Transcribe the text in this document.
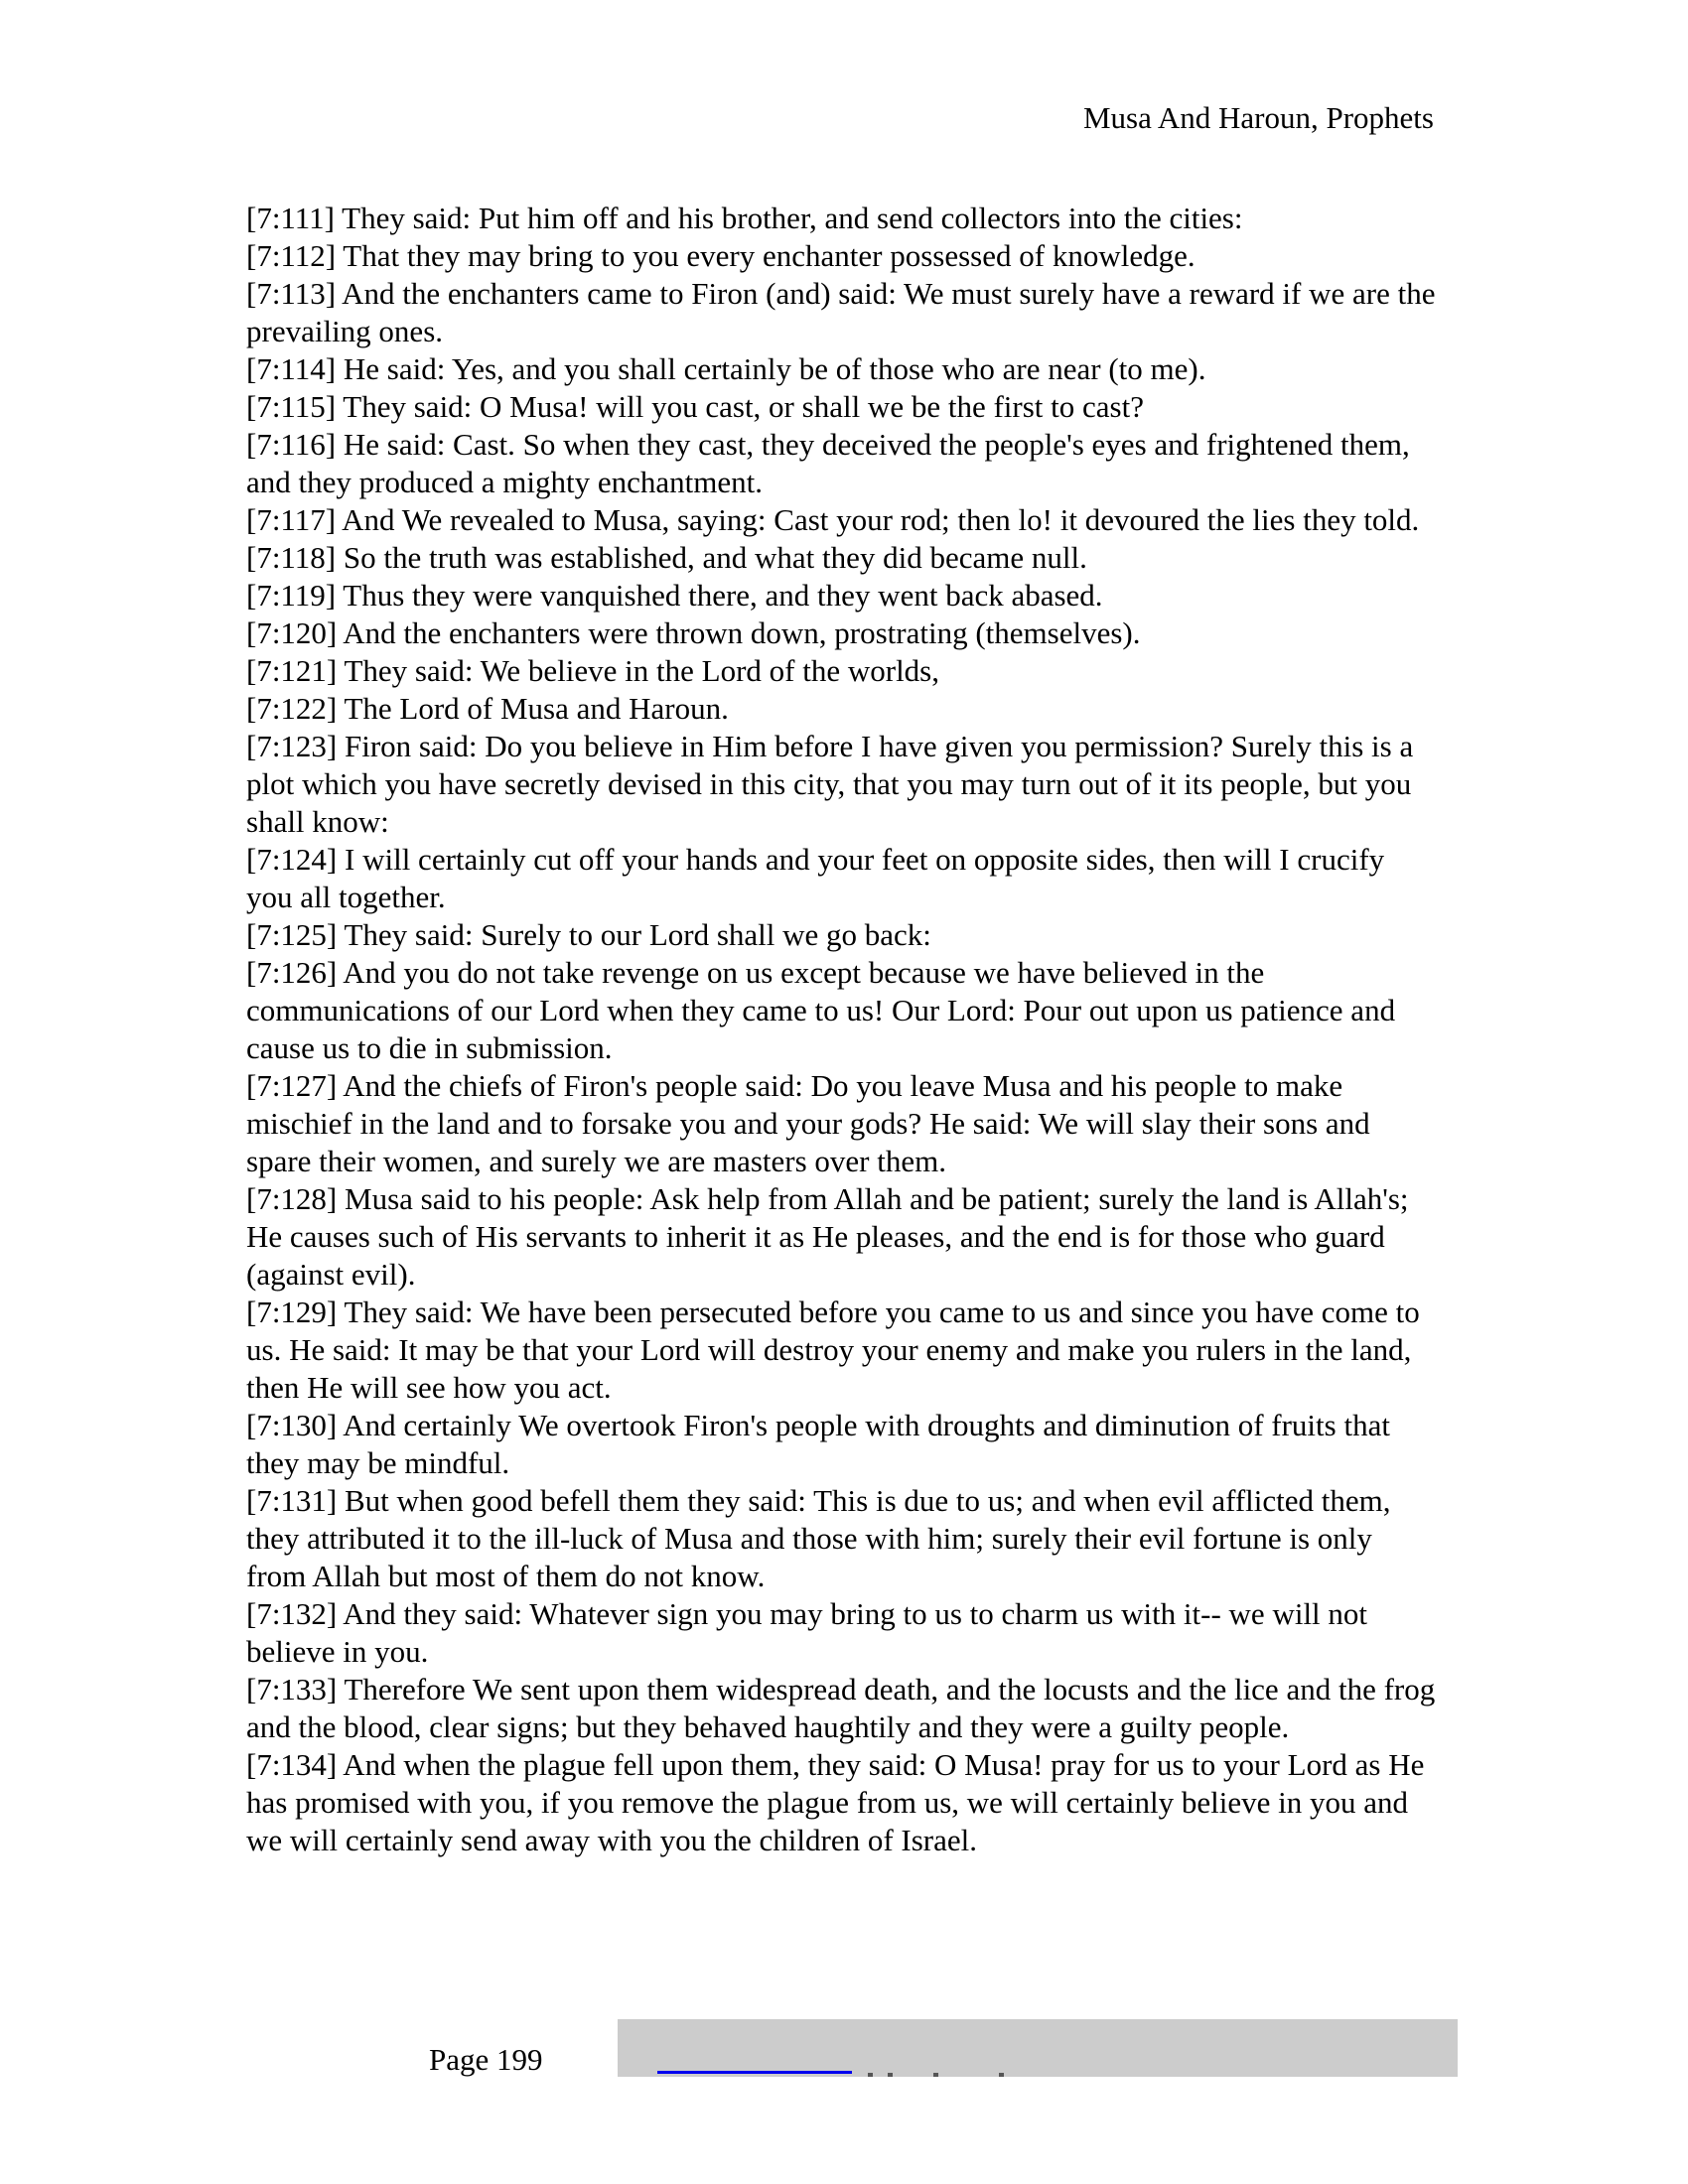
Musa And Haroun, Prophets

[7:111] They said: Put him off and his brother, and send collectors into the cities:

[7:112] That they may bring to you every enchanter possessed of knowledge.

[7:113] And the enchanters came to Firon (and) said: We must surely have a reward if we are the prevailing ones.

[7:114] He said: Yes, and you shall certainly be of those who are near (to me).

[7:115] They said: O Musa! will you cast, or shall we be the first to cast?

[7:116] He said: Cast. So when they cast, they deceived the people's eyes and frightened them, and they produced a mighty enchantment.

[7:117] And We revealed to Musa, saying: Cast your rod; then lo! it devoured the lies they told.

[7:118] So the truth was established, and what they did became null.

[7:119] Thus they were vanquished there, and they went back abased.

[7:120] And the enchanters were thrown down, prostrating (themselves).

[7:121] They said: We believe in the Lord of the worlds,

[7:122] The Lord of Musa and Haroun.

[7:123] Firon said: Do you believe in Him before I have given you permission? Surely this is a plot which you have secretly devised in this city, that you may turn out of it its people, but you shall know:

[7:124] I will certainly cut off your hands and your feet on opposite sides, then will I crucify you all together.

[7:125] They said: Surely to our Lord shall we go back:

[7:126] And you do not take revenge on us except because we have believed in the communications of our Lord when they came to us! Our Lord: Pour out upon us patience and cause us to die in submission.

[7:127] And the chiefs of Firon's people said: Do you leave Musa and his people to make mischief in the land and to forsake you and your gods? He said: We will slay their sons and spare their women, and surely we are masters over them.

[7:128] Musa said to his people: Ask help from Allah and be patient; surely the land is Allah's; He causes such of His servants to inherit it as He pleases, and the end is for those who guard (against evil).

[7:129] They said: We have been persecuted before you came to us and since you have come to us. He said: It may be that your Lord will destroy your enemy and make you rulers in the land, then He will see how you act.

[7:130] And certainly We overtook Firon's people with droughts and diminution of fruits that they may be mindful.

[7:131] But when good befell them they said: This is due to us; and when evil afflicted them, they attributed it to the ill-luck of Musa and those with him; surely their evil fortune is only from Allah but most of them do not know.

[7:132] And they said: Whatever sign you may bring to us to charm us with it-- we will not believe in you.

[7:133] Therefore We sent upon them widespread death, and the locusts and the lice and the frog and the blood, clear signs; but they behaved haughtily and they were a guilty people.

[7:134] And when the plague fell upon them, they said: O Musa! pray for us to your Lord as He has promised with you, if you remove the plague from us, we will certainly believe in you and we will certainly send away with you the children of Israel.

Page 199
